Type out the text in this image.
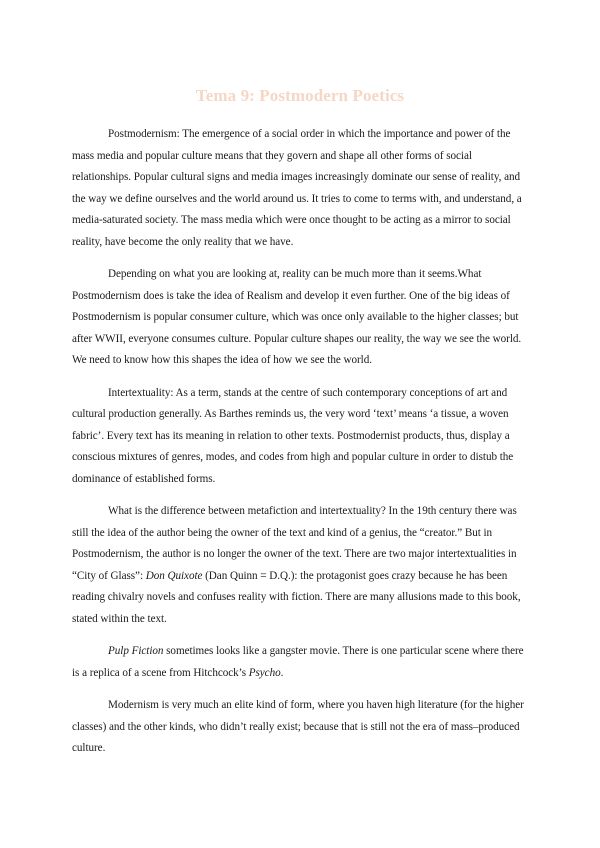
Tema 9: Postmodern Poetics

Postmodernism: The emergence of a social order in which the importance and power of the mass media and popular culture means that they govern and shape all other forms of social relationships. Popular cultural signs and media images increasingly dominate our sense of reality, and the way we define ourselves and the world around us. It tries to come to terms with, and understand, a media-saturated society. The mass media which were once thought to be acting as a mirror to social reality, have become the only reality that we have.

Depending on what you are looking at, reality can be much more than it seems.What Postmodernism does is take the idea of Realism and develop it even further. One of the big ideas of Postmodernism is popular consumer culture, which was once only available to the higher classes; but after WWII, everyone consumes culture. Popular culture shapes our reality, the way we see the world. We need to know how this shapes the idea of how we see the world.

Intertextuality: As a term, stands at the centre of such contemporary conceptions of art and cultural production generally. As Barthes reminds us, the very word ‘text’ means ‘a tissue, a woven fabric’. Every text has its meaning in relation to other texts. Postmodernist products, thus, display a conscious mixtures of genres, modes, and codes from high and popular culture in order to distub the dominance of established forms.

What is the difference between metafiction and intertextuality? In the 19th century there was still the idea of the author being the owner of the text and kind of a genius, the “creator.” But in Postmodernism, the author is no longer the owner of the text. There are two major intertextualities in “City of Glass”: Don Quixote (Dan Quinn = D.Q.): the protagonist goes crazy because he has been reading chivalry novels and confuses reality with fiction. There are many allusions made to this book, stated within the text.

Pulp Fiction sometimes looks like a gangster movie. There is one particular scene where there is a replica of a scene from Hitchcock’s Psycho.

Modernism is very much an elite kind of form, where you haven high literature (for the higher classes) and the other kinds, who didn’t really exist; because that is still not the era of mass–produced culture.
